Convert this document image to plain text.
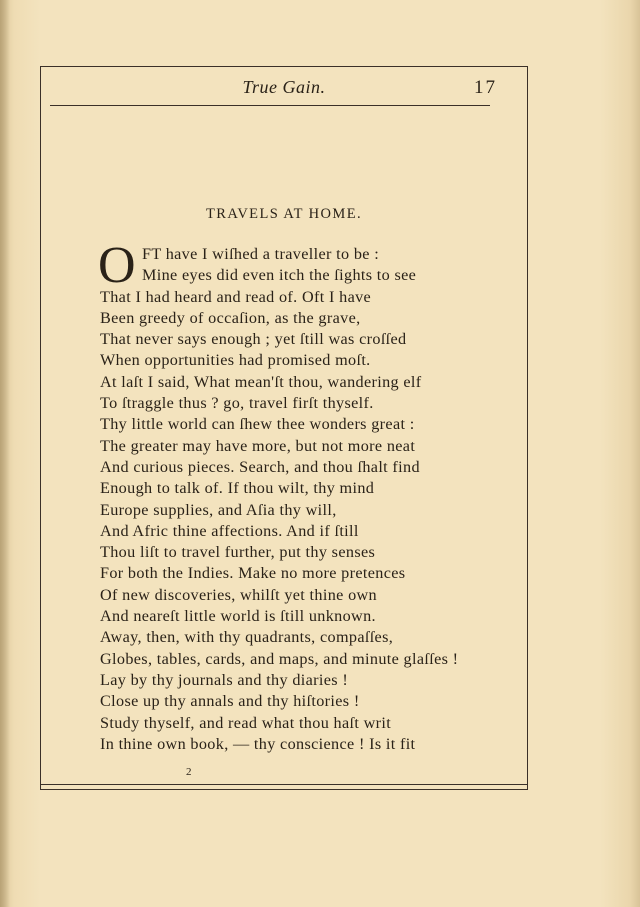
True Gain.	17
TRAVELS AT HOME.
O FT have I wiſhed a traveller to be :
Mine eyes did even itch the ſights to see
That I had heard and read of. Oft I have
Been greedy of occaſion, as the grave,
That never says enough ; yet ſtill was croſſed
When opportunities had promised moſt.
At laſt I said, What mean'ſt thou, wandering elf
To ſtraggle thus ? go, travel firſt thyself.
Thy little world can ſhew thee wonders great :
The greater may have more, but not more neat
And curious pieces. Search, and thou ſhalt find
Enough to talk of. If thou wilt, thy mind
Europe supplies, and Aſia thy will,
And Afric thine affections. And if ſtill
Thou liſt to travel further, put thy senses
For both the Indies. Make no more pretences
Of new discoveries, whilſt yet thine own
And neareſt little world is ſtill unknown.
Away, then, with thy quadrants, compaſſes,
Globes, tables, cards, and maps, and minute glaſſes !
Lay by thy journals and thy diaries !
Close up thy annals and thy hiſtories !
Study thyself, and read what thou haſt writ
In thine own book, — thy conscience ! Is it fit
2
